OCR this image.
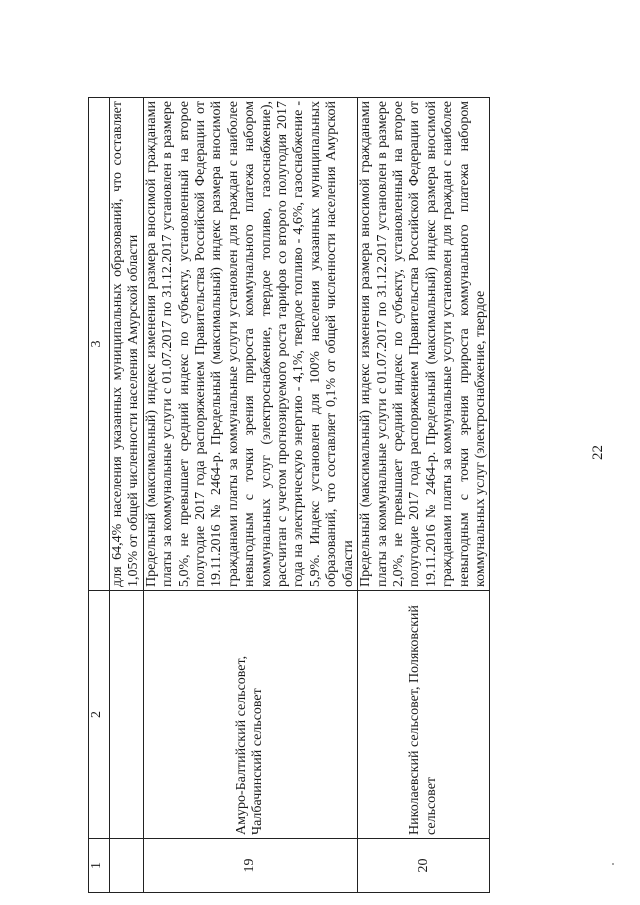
22
1	2	3
		для 64,4% населения указанных муниципальных образований, что составляет 1,05% от общей численности населения Амурской области
19	Амуро-Балтийский сельсовет, Чалбачинский сельсовет	Предельный (максимальный) индекс изменения размера вносимой гражданами платы за коммунальные услуги с 01.07.2017 по 31.12.2017 установлен в размере 5,0%, не превышает средний индекс по субъекту, установленный на второе полугодие 2017 года распоряжением Правительства Российской Федерации от 19.11.2016 № 2464-р. Предельный (максимальный) индекс размера вносимой гражданами платы за коммунальные услуги установлен для граждан с наиболее невыгодным с точки зрения прироста коммунального платежа набором коммунальных услуг (электроснабжение, твердое топливо, газоснабжение), рассчитан с учетом прогнозируемого роста тарифов со второго полугодия 2017 года на электрическую энергию - 4,1%, твердое топливо - 4,6%, газоснабжение - 5,9%. Индекс установлен для 100% населения указанных муниципальных образований, что составляет 0,1% от общей численности населения Амурской области
20	Николаевский сельсовет, Поляковский сельсовет	Предельный (максимальный) индекс изменения размера вносимой гражданами платы за коммунальные услуги с 01.07.2017 по 31.12.2017 установлен в размере 2,0%, не превышает средний индекс по субъекту, установленный на второе полугодие 2017 года распоряжением Правительства Российской Федерации от 19.11.2016 № 2464-р. Предельный (максимальный) индекс размера вносимой гражданами платы за коммунальные услуги установлен для граждан с наиболее невыгодным с точки зрения прироста коммунального платежа набором коммунальных услуг (электроснабжение, твердое
